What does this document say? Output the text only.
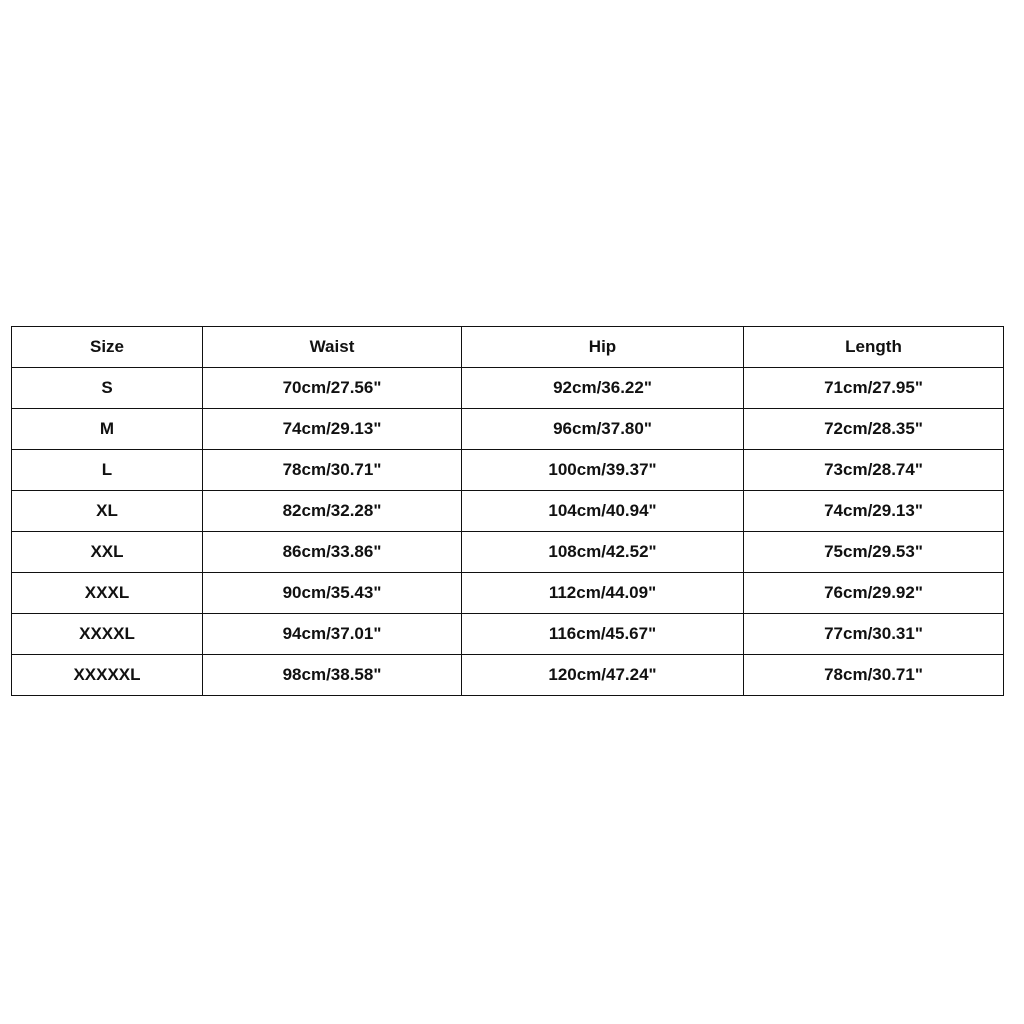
Size	Waist	Hip	Length
S	70cm/27.56"	92cm/36.22"	71cm/27.95"
M	74cm/29.13"	96cm/37.80"	72cm/28.35"
L	78cm/30.71"	100cm/39.37"	73cm/28.74"
XL	82cm/32.28"	104cm/40.94"	74cm/29.13"
XXL	86cm/33.86"	108cm/42.52"	75cm/29.53"
XXXL	90cm/35.43"	112cm/44.09"	76cm/29.92"
XXXXL	94cm/37.01"	116cm/45.67"	77cm/30.31"
XXXXXL	98cm/38.58"	120cm/47.24"	78cm/30.71"
